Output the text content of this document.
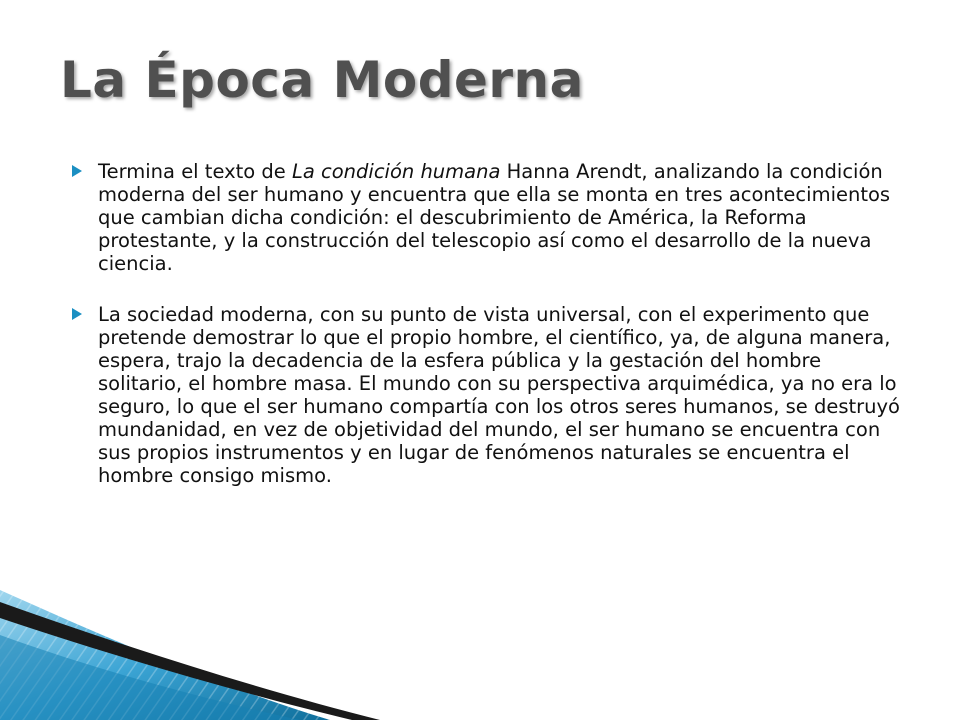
La Época Moderna

Termina el texto de La condición humana Hanna Arendt, analizando la condición moderna del ser humano y encuentra que ella se monta en tres acontecimientos que cambian dicha condición: el descubrimiento de América, la Reforma protestante, y la construcción del telescopio así como el desarrollo de la nueva ciencia.

La sociedad moderna, con su punto de vista universal, con el experimento que pretende demostrar lo que el propio hombre, el científico, ya, de alguna manera, espera, trajo la decadencia de la esfera pública y la gestación del hombre solitario, el hombre masa. El mundo con su perspectiva arquimédica, ya no era lo seguro, lo que el ser humano compartía con los otros seres humanos, se destruyó mundanidad, en vez de objetividad del mundo, el ser humano se encuentra con sus propios instrumentos y en lugar de fenómenos naturales se encuentra el hombre consigo mismo.
